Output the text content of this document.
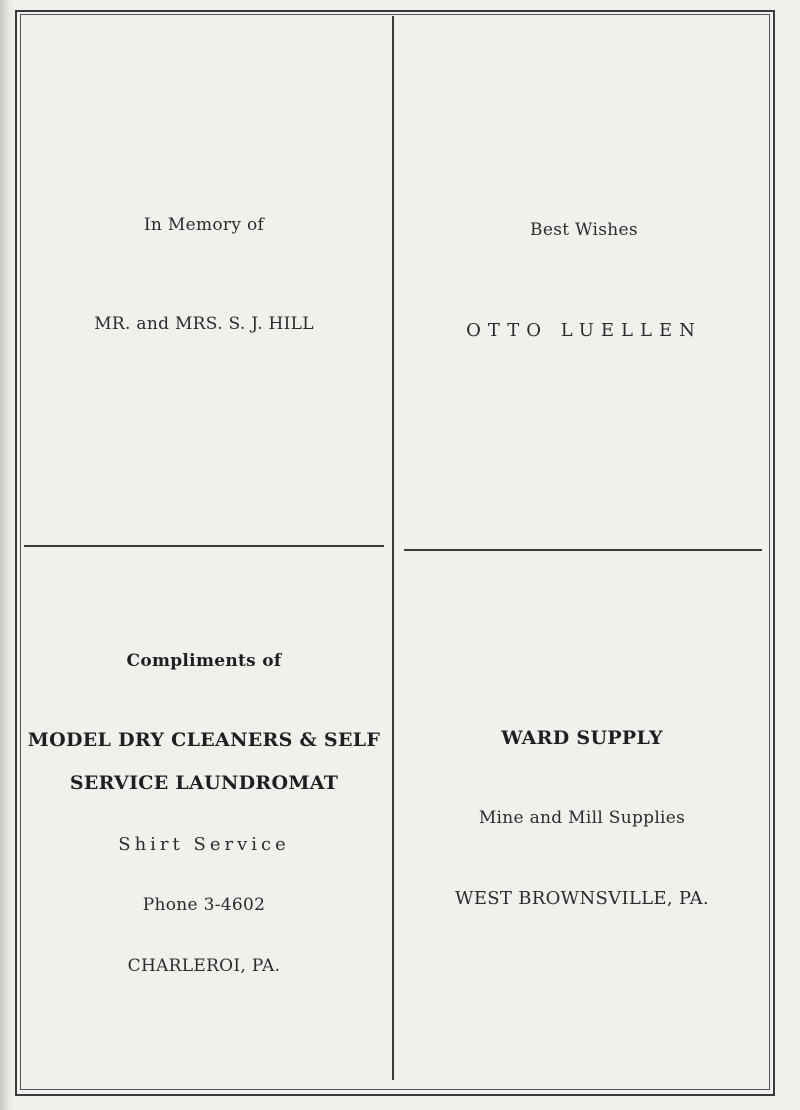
In Memory of

MR. and MRS. S. J. HILL

Best Wishes

OTTO LUELLEN

Compliments of

MODEL DRY CLEANERS & SELF

SERVICE LAUNDROMAT

Shirt Service

Phone 3-4602

CHARLEROI, PA.

WARD SUPPLY

Mine and Mill Supplies

WEST BROWNSVILLE, PA.
